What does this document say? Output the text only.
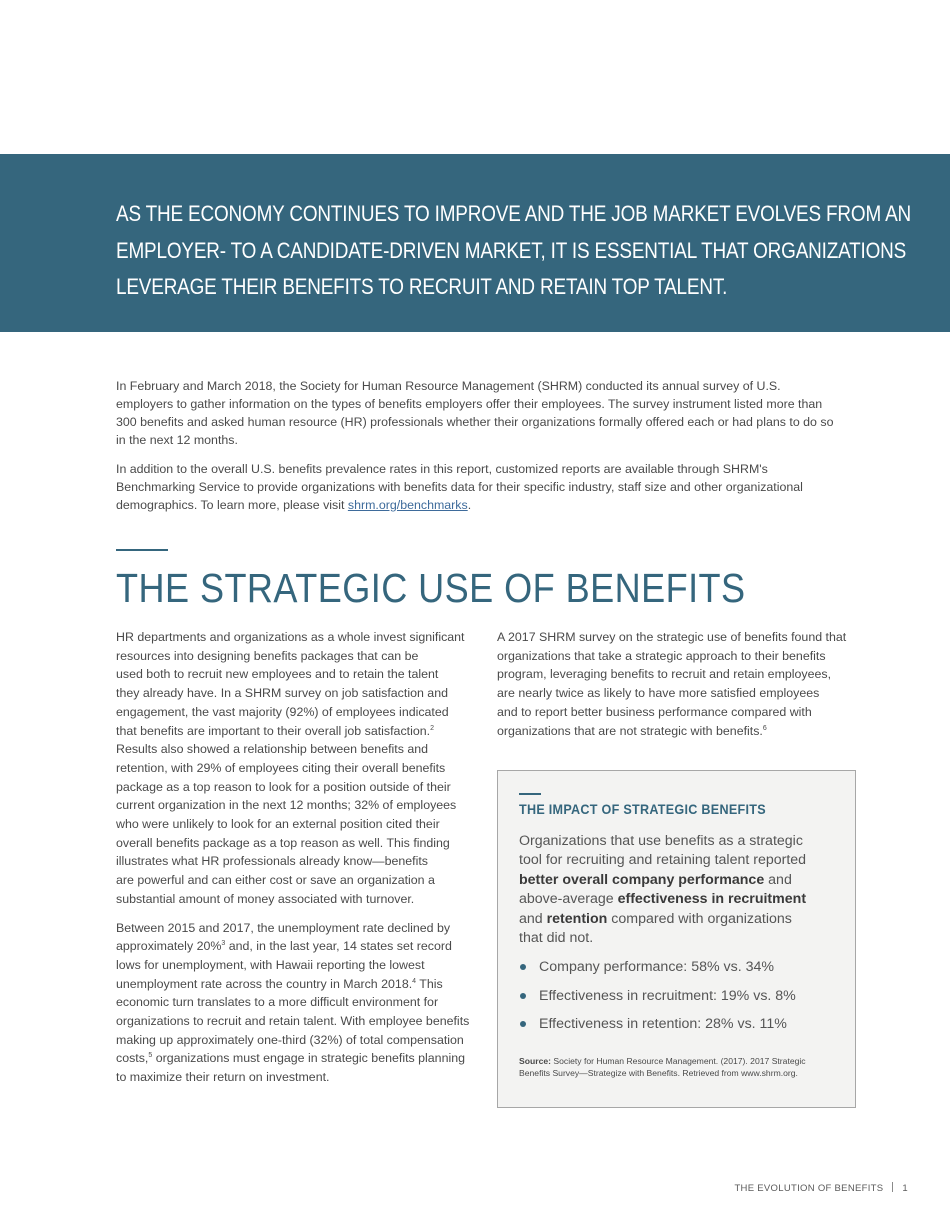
AS THE ECONOMY CONTINUES TO IMPROVE AND THE JOB MARKET EVOLVES FROM AN
EMPLOYER- TO A CANDIDATE-DRIVEN MARKET, IT IS ESSENTIAL THAT ORGANIZATIONS
LEVERAGE THEIR BENEFITS TO RECRUIT AND RETAIN TOP TALENT.

In February and March 2018, the Society for Human Resource Management (SHRM) conducted its annual survey of U.S. employers to gather information on the types of benefits employers offer their employees. The survey instrument listed more than 300 benefits and asked human resource (HR) professionals whether their organizations formally offered each or had plans to do so in the next 12 months.

In addition to the overall U.S. benefits prevalence rates in this report, customized reports are available through SHRM's Benchmarking Service to provide organizations with benefits data for their specific industry, staff size and other organizational demographics. To learn more, please visit shrm.org/benchmarks.

THE STRATEGIC USE OF BENEFITS

HR departments and organizations as a whole invest significant
resources into designing benefits packages that can be
used both to recruit new employees and to retain the talent
they already have. In a SHRM survey on job satisfaction and
engagement, the vast majority (92%) of employees indicated
that benefits are important to their overall job satisfaction.$^2$
Results also showed a relationship between benefits and
retention, with 29% of employees citing their overall benefits
package as a top reason to look for a position outside of their
current organization in the next 12 months; 32% of employees
who were unlikely to look for an external position cited their
overall benefits package as a top reason as well. This finding
illustrates what HR professionals already know—benefits
are powerful and can either cost or save an organization a
substantial amount of money associated with turnover.

Between 2015 and 2017, the unemployment rate declined by
approximately 20%$^3$ and, in the last year, 14 states set record
lows for unemployment, with Hawaii reporting the lowest
unemployment rate across the country in March 2018.$^4$ This
economic turn translates to a more difficult environment for
organizations to recruit and retain talent. With employee benefits
making up approximately one-third (32%) of total compensation
costs,$^5$ organizations must engage in strategic benefits planning
to maximize their return on investment.

A 2017 SHRM survey on the strategic use of benefits found that
organizations that take a strategic approach to their benefits
program, leveraging benefits to recruit and retain employees,
are nearly twice as likely to have more satisfied employees
and to report better business performance compared with
organizations that are not strategic with benefits.$^6$
THE IMPACT OF STRATEGIC BENEFITS
Organizations that use benefits as a strategic
tool for recruiting and retaining talent reported
better overall company performance and
above-average effectiveness in recruitment
and retention compared with organizations
that did not.
Company performance: 58% vs. 34%
Effectiveness in recruitment: 19% vs. 8%
Effectiveness in retention: 28% vs. 11%
Source: Society for Human Resource Management. (2017). 2017 Strategic
Benefits Survey—Strategize with Benefits. Retrieved from www.shrm.org.
THE EVOLUTION OF BENEFITS 1
